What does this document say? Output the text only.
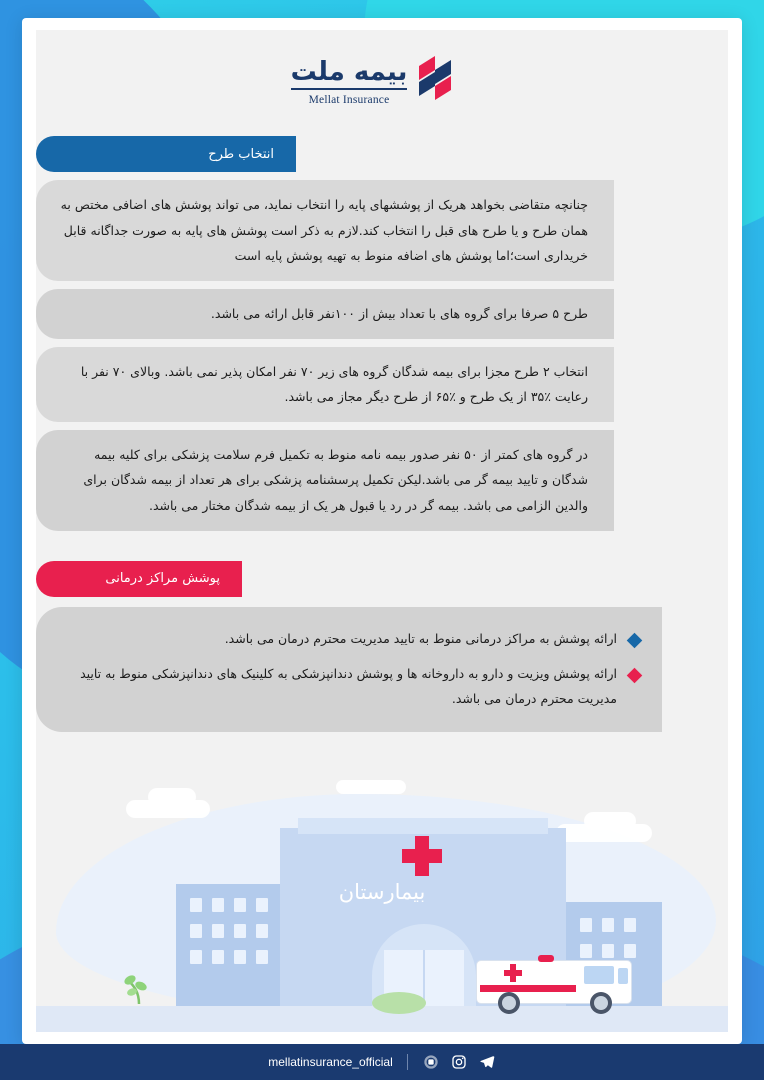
بیمه ملت
Mellat Insurance
انتخاب طرح
چنانچه متقاضی بخواهد هریک از پوششهای پایه را انتخاب نماید، می تواند پوشش های اضافی مختص به همان طرح و یا طرح های قبل را انتخاب کند.لازم به ذکر است پوشش های پایه به صورت جداگانه قابل خریداری است؛اما پوشش های اضافه منوط به تهیه پوشش پایه است
طرح ۵ صرفا برای گروه های با تعداد بیش از ۱۰۰نفر قابل ارائه می باشد.
انتخاب ۲ طرح مجزا برای بیمه شدگان گروه های زیر ۷۰ نفر امکان پذیر نمی باشد. وبالای ۷۰ نفر با رعایت ٪۳۵ از یک طرح و ٪۶۵ از طرح دیگر مجاز می باشد.
در گروه های کمتر از ۵۰ نفر صدور بیمه نامه منوط به تکمیل فرم سلامت پزشکی برای کلیه بیمه شدگان و تایید بیمه گر می باشد.لیکن تکمیل پرسشنامه پزشکی برای هر تعداد از بیمه شدگان برای والدین الزامی می باشد. بیمه گر در رد یا قبول هر یک از بیمه شدگان مختار می باشد.
پوشش مراکز درمانی
ارائه پوشش به مراکز درمانی منوط به تایید مدیریت محترم درمان می باشد.
ارائه پوشش ویزیت و دارو به داروخانه ها و پوشش دندانپزشکی به کلینیک های دندانپزشکی منوط به تایید مدیریت محترم درمان می باشد.
بیمارستان
mellatinsurance_official
